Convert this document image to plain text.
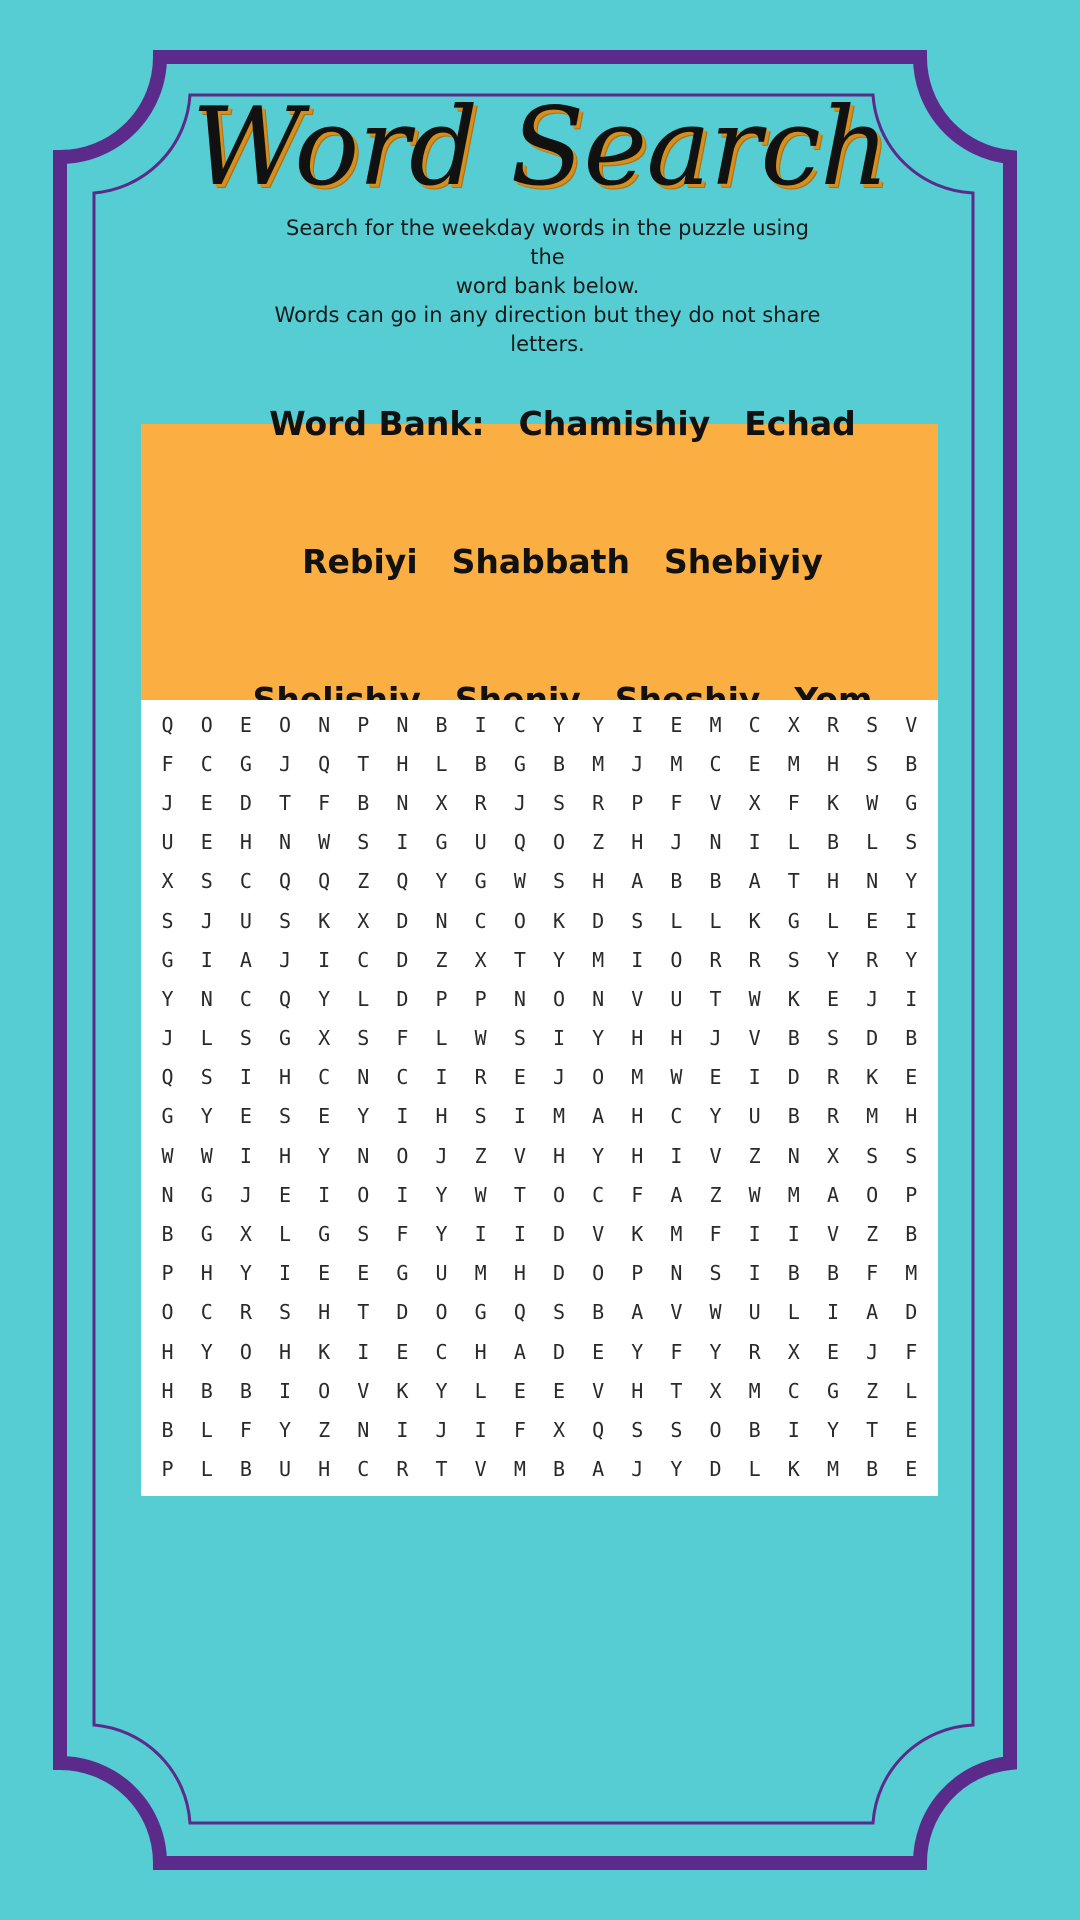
Word Search
Search for the weekday words in the puzzle using the
word bank below.
Words can go in any direction but they do not share
letters.

Word Bank: Chamishiy Echad

Rebiyi Shabbath Shebiyiy

Q	O	E	O	N	P	N	B	I	C	Y	Y	I	E	M	C	X	R	S	V
F	C	G	J	Q	T	H	L	B	G	B	M	J	M	C	E	M	H	S	B
J	E	D	T	F	B	N	X	R	J	S	R	P	F	V	X	F	K	W	G
U	E	H	N	W	S	I	G	U	Q	O	Z	H	J	N	I	L	B	L	S
X	S	C	Q	Q	Z	Q	Y	G	W	S	H	A	B	B	A	T	H	N	Y
S	J	U	S	K	X	D	N	C	O	K	D	S	L	L	K	G	L	E	I
G	I	A	J	I	C	D	Z	X	T	Y	M	I	O	R	R	S	Y	R	Y
Y	N	C	Q	Y	L	D	P	P	N	O	N	V	U	T	W	K	E	J	I
J	L	S	G	X	S	F	L	W	S	I	Y	H	H	J	V	B	S	D	B
Q	S	I	H	C	N	C	I	R	E	J	O	M	W	E	I	D	R	K	E
G	Y	E	S	E	Y	I	H	S	I	M	A	H	C	Y	U	B	R	M	H
W	W	I	H	Y	N	O	J	Z	V	H	Y	H	I	V	Z	N	X	S	S
N	G	J	E	I	O	I	Y	W	T	O	C	F	A	Z	W	M	A	O	P
B	G	X	L	G	S	F	Y	I	I	D	V	K	M	F	I	I	V	Z	B
P	H	Y	I	E	E	G	U	M	H	D	O	P	N	S	I	B	B	F	M
O	C	R	S	H	T	D	O	G	Q	S	B	A	V	W	U	L	I	A	D
H	Y	O	H	K	I	E	C	H	A	D	E	Y	F	Y	R	X	E	J	F
H	B	B	I	O	V	K	Y	L	E	E	V	H	T	X	M	C	G	Z	L
B	L	F	Y	Z	N	I	J	I	F	X	Q	S	S	O	B	I	Y	T	E
P	L	B	U	H	C	R	T	V	M	B	A	J	Y	D	L	K	M	B	E
